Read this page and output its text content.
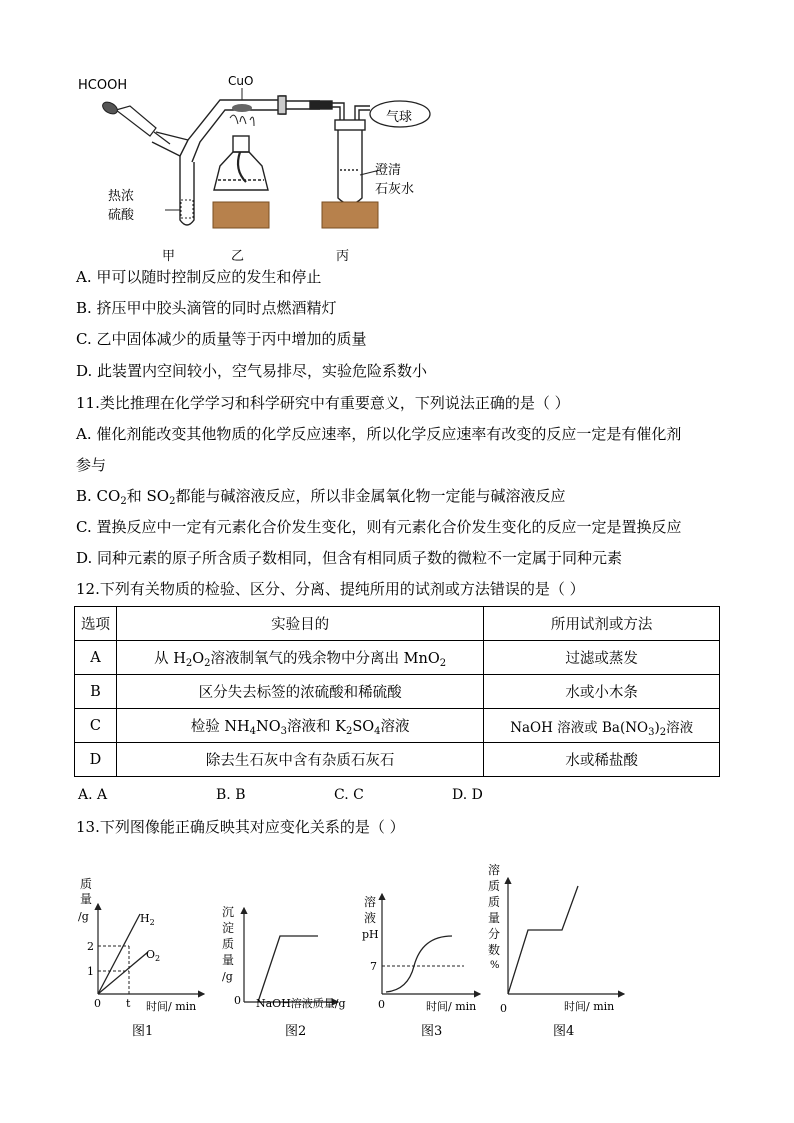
HCOOH	CuO
气球
澄清
石灰水
热浓
硫酸
甲	乙	丙
A. 甲可以随时控制反应的发生和停止
B. 挤压甲中胶头滴管的同时点燃酒精灯
C. 乙中固体减少的质量等于丙中增加的质量
D. 此装置内空间较小，空气易排尽，实验危险系数小
11.类比推理在化学学习和科学研究中有重要意义，下列说法正确的是（ ）
A. 催化剂能改变其他物质的化学反应速率，所以化学反应速率有改变的反应一定是有催化剂
参与
B. $CO_2$和 $SO_2$都能与碱溶液反应，所以非金属氧化物一定能与碱溶液反应
C. 置换反应中一定有元素化合价发生变化，则有元素化合价发生变化的反应一定是置换反应
D. 同种元素的原子所含质子数相同，但含有相同质子数的微粒不一定属于同种元素
12.下列有关物质的检验、区分、分离、提纯所用的试剂或方法错误的是（ ）
选项	实验目的	所用试剂或方法
A	从 $H_2O_2$溶液制氧气的残余物中分离出 MnO$_2$	过滤或蒸发
B	区分失去标签的浓硫酸和稀硫酸	水或小木条
C	检验 $NH_4NO_3$溶液和 $K_2SO_4$溶液	NaOH 溶液或 $Ba(NO_3)_2$溶液
D	除去生石灰中含有杂质石灰石	水或稀盐酸
A. A	B. B	C. C	D. D
13.下列图像能正确反映其对应变化关系的是（ ）
质
量
/g	$H_2$
$O_2$
2
1
0 t 时间/ min
图1
沉
淀
质
量
/g
0 NaOH溶液质量/g
图2
溶
液
pH
7
0	时间/ min
图3
溶
质
质
量
分
数
%
0	时间/ min
图4
